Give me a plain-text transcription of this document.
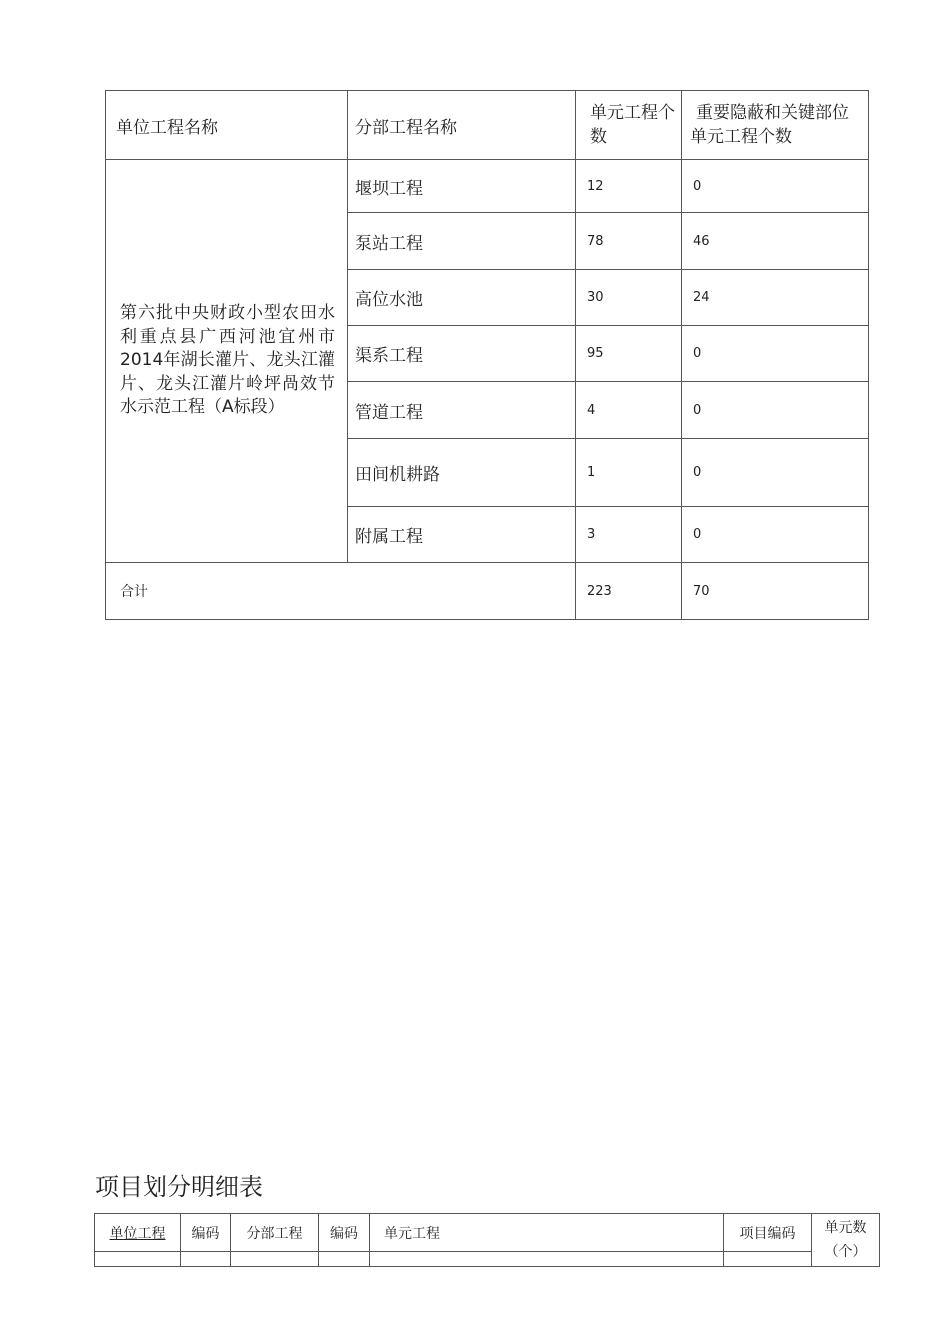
单位工程名称	分部工程名称	单元工程个数	重要隐蔽和关键部位单元工程个数
第六批中央财政小型农田水利重点县广西河池宜州市2014年湖长灌片、龙头江灌片、龙头江灌片岭坪咼效节水示范工程（A标段）	堰坝工程	12	0
	泵站工程	78	46
	高位水池	30	24
	渠系工程	95	0
	管道工程	4	0
	田间机耕路	1	0
	附属工程	3	0
合计		223	70
项目划分明细表
单位工程	编码	分部工程	编码	单元工程	项目编码	单元数
（个）
